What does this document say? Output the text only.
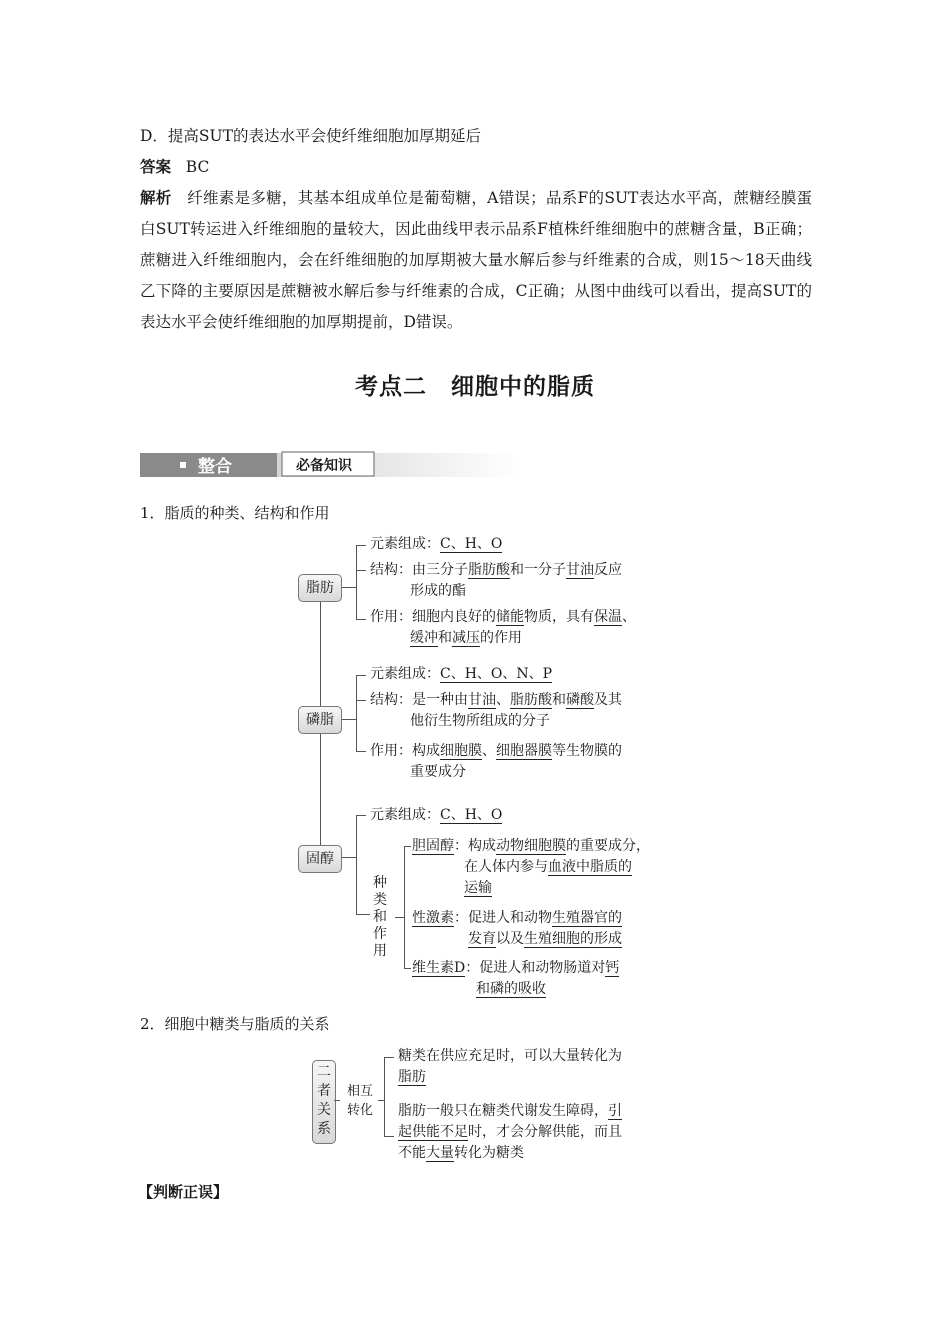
D．提高SUT的表达水平会使纤维细胞加厚期延后
答案 BC
解析 纤维素是多糖，其基本组成单位是葡萄糖，A错误；品系F的SUT表达水平高，蔗糖经膜蛋白SUT转运进入纤维细胞的量较大，因此曲线甲表示品系F植株纤维细胞中的蔗糖含量，B正确；蔗糖进入纤维细胞内，会在纤维细胞的加厚期被大量水解后参与纤维素的合成，则15～18天曲线乙下降的主要原因是蔗糖被水解后参与纤维素的合成，C正确；从图中曲线可以看出，提高SUT的表达水平会使纤维细胞的加厚期提前，D错误。
考点二　细胞中的脂质
整合	必备知识
1．脂质的种类、结构和作用
脂肪
元素组成：C、H、O
结构：由三分子脂肪酸和一分子甘油反应
形成的酯
作用：细胞内良好的储能物质，具有保温、
缓冲和减压的作用
磷脂
元素组成：C、H、O、N、P
结构：是一种由甘油、脂肪酸和磷酸及其
他衍生物所组成的分子
作用：构成细胞膜、细胞器膜等生物膜的
重要成分
固醇
元素组成：C、H、O
种类和作用
胆固醇：构成动物细胞膜的重要成分，
在人体内参与血液中脂质的
运输
性激素：促进人和动物生殖器官的
发育以及生殖细胞的形成
维生素D：促进人和动物肠道对钙
和磷的吸收
2．细胞中糖类与脂质的关系
二者关系
相互转化
糖类在供应充足时，可以大量转化为
脂肪
脂肪一般只在糖类代谢发生障碍，引
起供能不足时，才会分解供能，而且
不能大量转化为糖类
【判断正误】
